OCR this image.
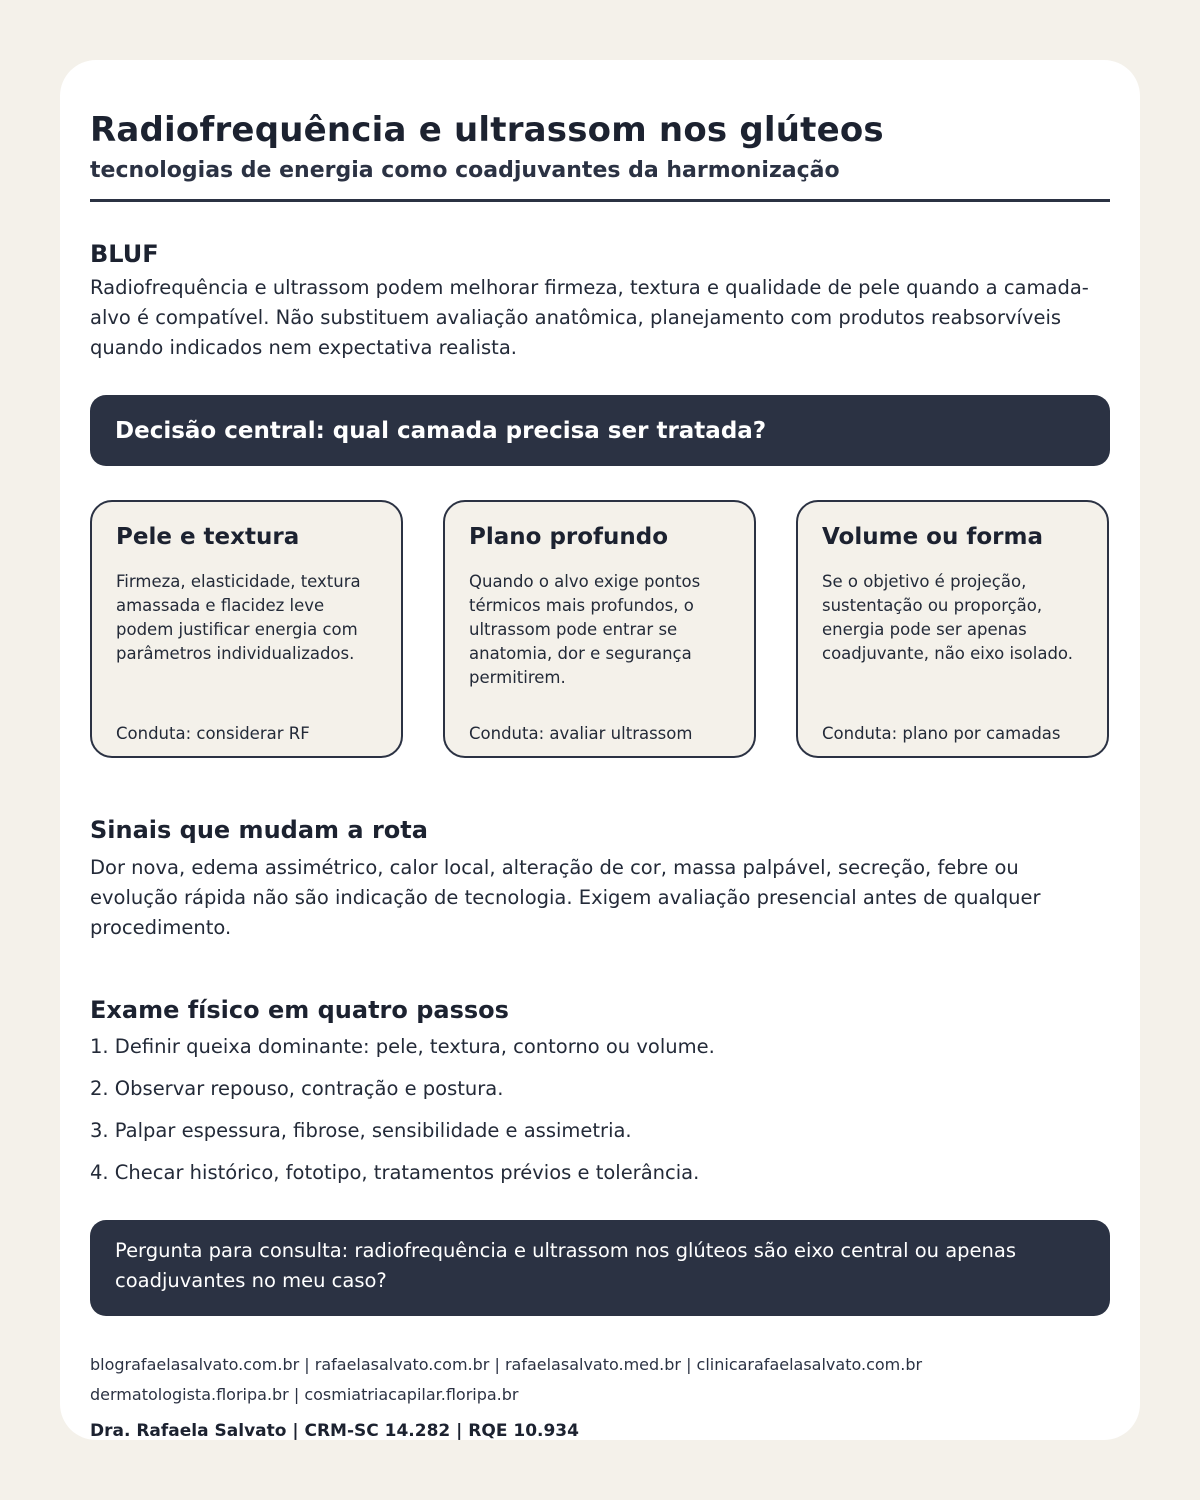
Radiofrequência e ultrassom nos glúteos
tecnologias de energia como coadjuvantes da harmonização
BLUF

Radiofrequência e ultrassom podem melhorar firmeza, textura e qualidade de pele quando a camada-alvo é compatível. Não substituem avaliação anatômica, planejamento com produtos reabsorvíveis quando indicados nem expectativa realista.

Decisão central: qual camada precisa ser tratada?
Pele e textura

Firmeza, elasticidade, textura amassada e flacidez leve podem justificar energia com parâmetros individualizados.

Conduta: considerar RF

Plano profundo

Quando o alvo exige pontos térmicos mais profundos, o ultrassom pode entrar se anatomia, dor e segurança permitirem.

Conduta: avaliar ultrassom

Volume ou forma

Se o objetivo é projeção, sustentação ou proporção, energia pode ser apenas coadjuvante, não eixo isolado.

Conduta: plano por camadas

Sinais que mudam a rota

Dor nova, edema assimétrico, calor local, alteração de cor, massa palpável, secreção, febre ou evolução rápida não são indicação de tecnologia. Exigem avaliação presencial antes de qualquer procedimento.

Exame físico em quatro passos
1. Definir queixa dominante: pele, textura, contorno ou volume.
2. Observar repouso, contração e postura.
3. Palpar espessura, fibrose, sensibilidade e assimetria.
4. Checar histórico, fototipo, tratamentos prévios e tolerância.
Pergunta para consulta: radiofrequência e ultrassom nos glúteos são eixo central ou apenas coadjuvantes no meu caso?

blografaelasalvato.com.br | rafaelasalvato.com.br | rafaelasalvato.med.br | clinicarafaelasalvato.com.br
dermatologista.floripa.br | cosmiatriacapilar.floripa.br

Dra. Rafaela Salvato | CRM-SC 14.282 | RQE 10.934
